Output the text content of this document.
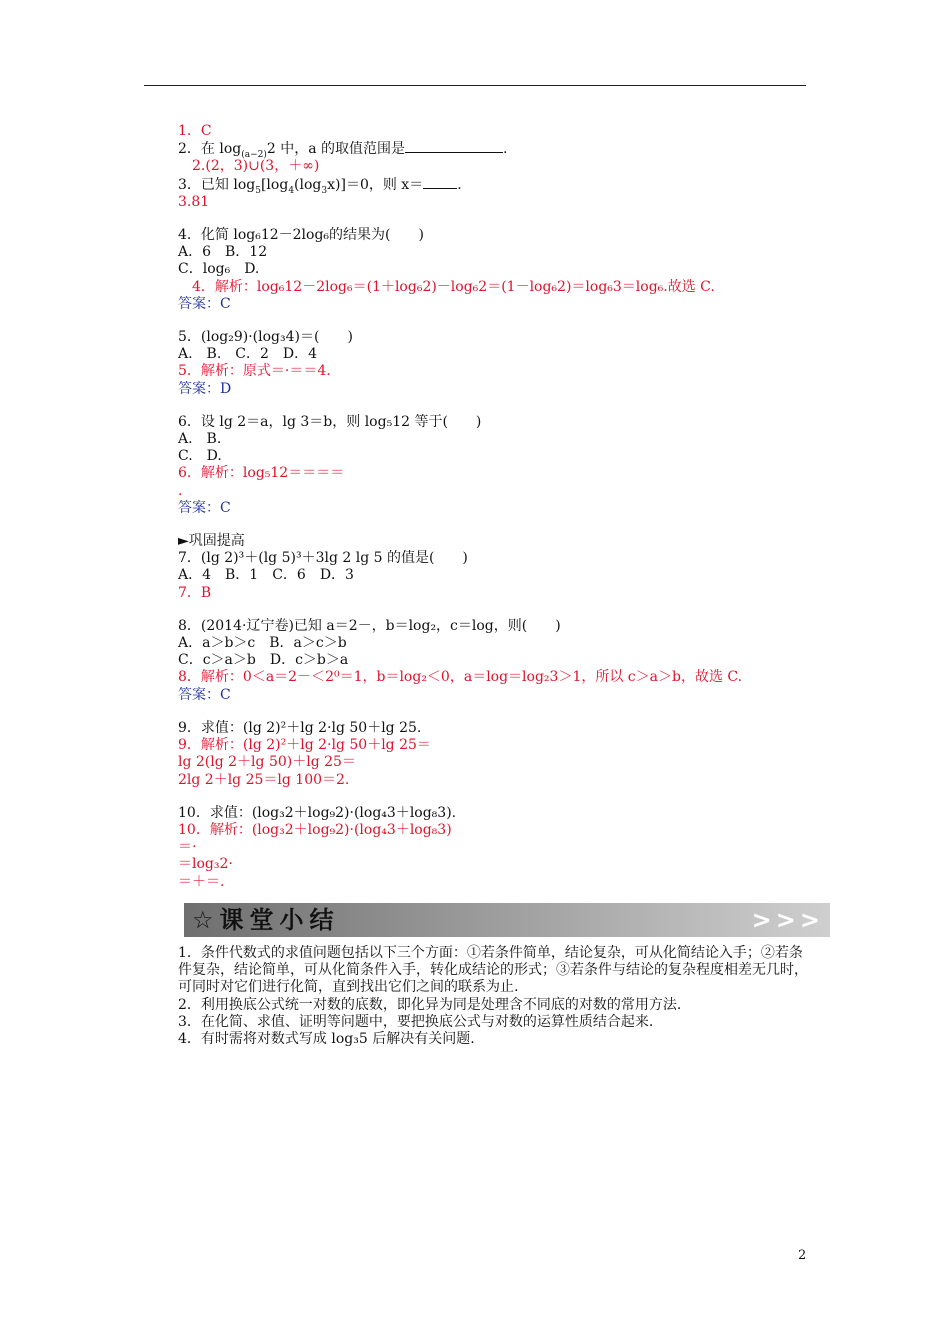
1．C
2．在 $\log_{(a-2)}2$ 中，a 的取值范围是	.
2.(2，3)∪(3，＋∞)
3．已知 $\log_5[\log_4(\log_3x)]=0$，则 x＝ .
3.81
4．化简 log₆12－2log₆的结果为(　　)
A．6　B．12
C．log₆　D.
4．解析：log₆12－2log₆＝(1＋log₆2)－log₆2＝(1－log₆2)＝log₆3＝log₆.故选 C.
答案：C
5．(log₂9)·(log₃4)＝(　　)
A.　B.　C．2　D．4
5．解析：原式＝·＝＝4.
答案：D
6．设 lg 2＝a，lg 3＝b，则 log₅12 等于(　　)
A.　B.
C.　D.
6．解析：log₅12＝＝＝＝
.
答案：C
►巩固提高
7．(lg 2)³＋(lg 5)³＋3lg 2 lg 5 的值是(　　)
A．4　B．1　C．6　D．3
7．B
8．(2014·辽宁卷)已知 a＝2－，b＝log₂，c＝log，则(　　)
A．a＞b＞c　B．a＞c＞b
C．c＞a＞b　D．c＞b＞a
8．解析：0＜a＝2－＜2⁰＝1，b＝log₂＜0，a＝log＝log₂3＞1，所以 c＞a＞b，故选 C.
答案：C
9．求值：(lg 2)²＋lg 2·lg 50＋lg 25.
9．解析：(lg 2)²＋lg 2·lg 50＋lg 25＝
lg 2(lg 2＋lg 50)＋lg 25＝
2lg 2＋lg 25＝lg 100＝2.
10．求值：(log₃2＋log₉2)·(log₄3＋log₈3).
10．解析：(log₃2＋log₉2)·(log₄3＋log₈3)
＝·
＝log₃2·
＝＋＝.
☆课堂小结	>>>

1．条件代数式的求值问题包括以下三个方面：①若条件简单，结论复杂，可从化简结论入手；②若条件复杂，结论简单，可从化简条件入手，转化成结论的形式；③若条件与结论的复杂程度相差无几时，可同时对它们进行化简，直到找出它们之间的联系为止.

2．利用换底公式统一对数的底数，即化异为同是处理含不同底的对数的常用方法.

3．在化简、求值、证明等问题中，要把换底公式与对数的运算性质结合起来.

4．有时需将对数式写成 log₃5 后解决有关问题.

2
